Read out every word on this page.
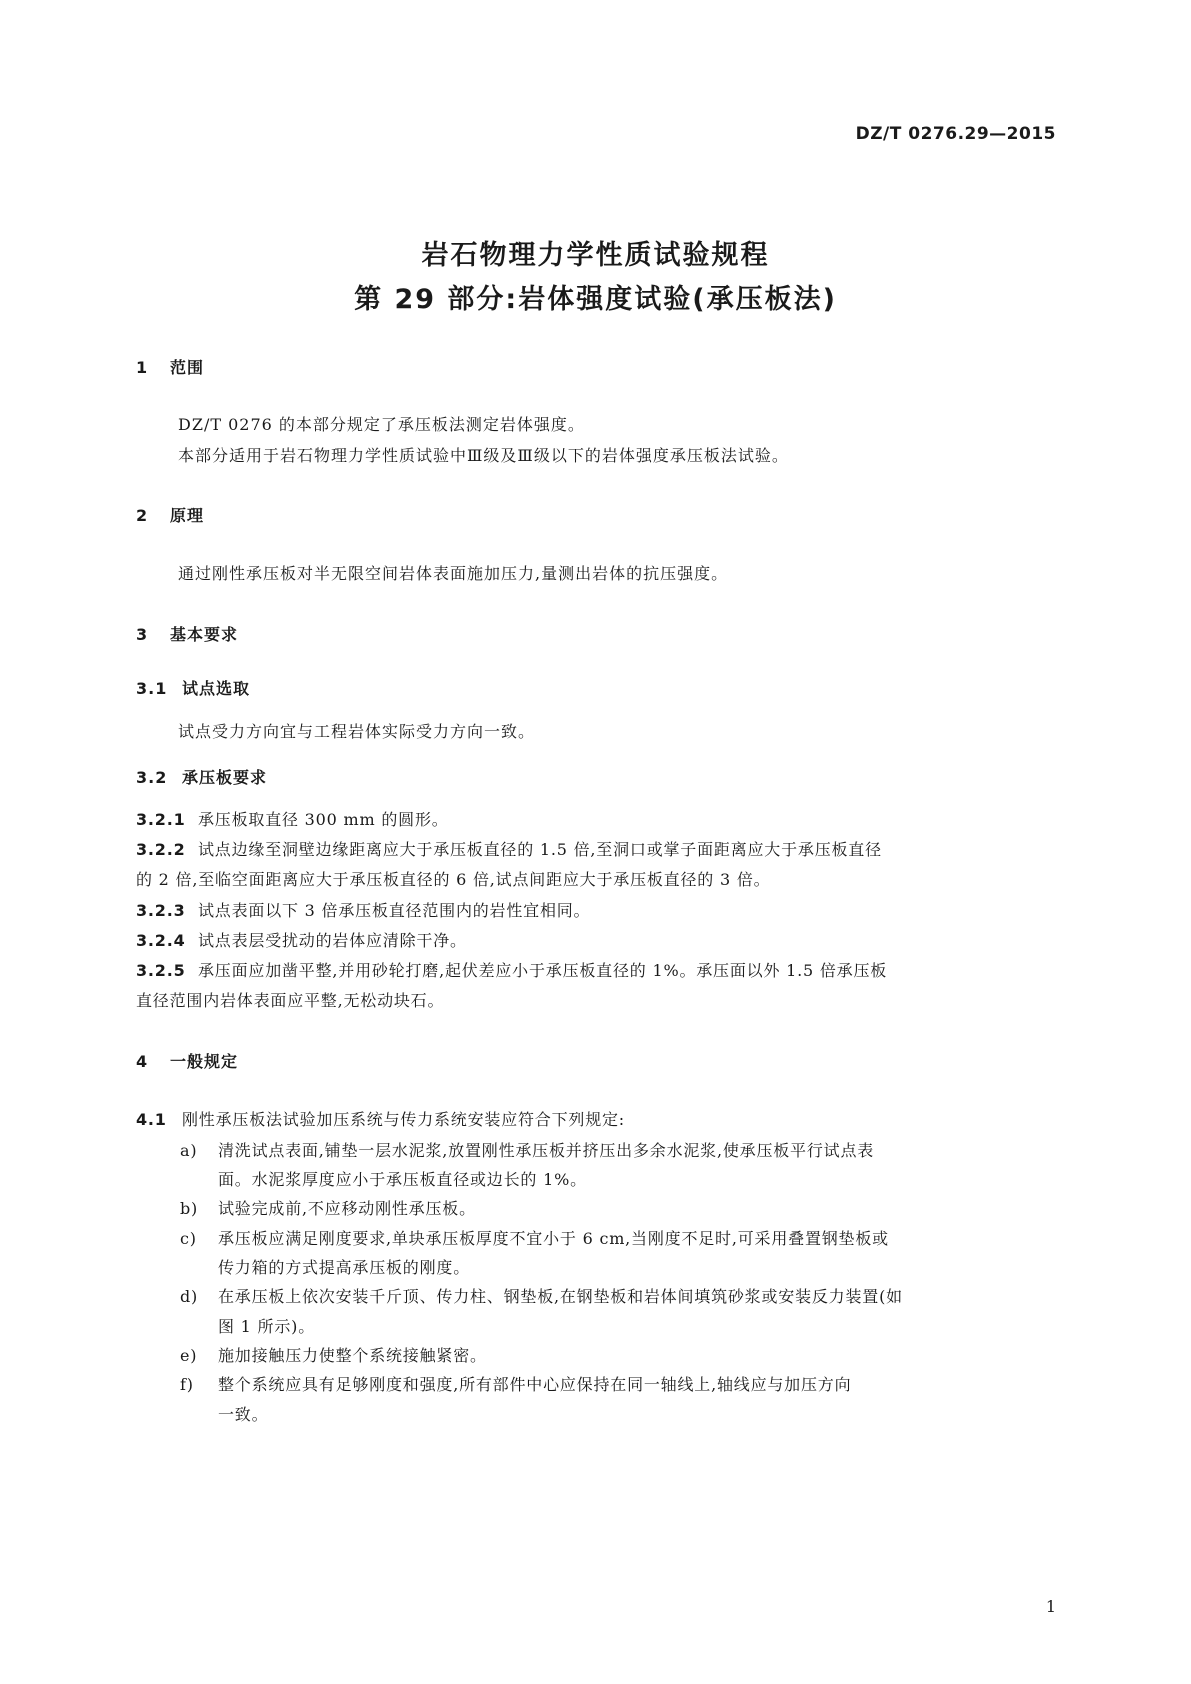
DZ/T 0276.29—2015
岩石物理力学性质试验规程
第 29 部分:岩体强度试验(承压板法)
1 范围
DZ/T 0276 的本部分规定了承压板法测定岩体强度。
本部分适用于岩石物理力学性质试验中Ⅲ级及Ⅲ级以下的岩体强度承压板法试验。
2 原理
通过刚性承压板对半无限空间岩体表面施加压力,量测出岩体的抗压强度。
3 基本要求
3.1 试点选取
试点受力方向宜与工程岩体实际受力方向一致。
3.2 承压板要求
3.2.1 承压板取直径 300 mm 的圆形。
3.2.2 试点边缘至洞壁边缘距离应大于承压板直径的 1.5 倍,至洞口或掌子面距离应大于承压板直径
的 2 倍,至临空面距离应大于承压板直径的 6 倍,试点间距应大于承压板直径的 3 倍。
3.2.3 试点表面以下 3 倍承压板直径范围内的岩性宜相同。
3.2.4 试点表层受扰动的岩体应清除干净。
3.2.5 承压面应加凿平整,并用砂轮打磨,起伏差应小于承压板直径的 1%。承压面以外 1.5 倍承压板
直径范围内岩体表面应平整,无松动块石。
4 一般规定
4.1 刚性承压板法试验加压系统与传力系统安装应符合下列规定:
a) 清洗试点表面,铺垫一层水泥浆,放置刚性承压板并挤压出多余水泥浆,使承压板平行试点表
面。水泥浆厚度应小于承压板直径或边长的 1%。
b) 试验完成前,不应移动刚性承压板。
c) 承压板应满足刚度要求,单块承压板厚度不宜小于 6 cm,当刚度不足时,可采用叠置钢垫板或
传力箱的方式提高承压板的刚度。
d) 在承压板上依次安装千斤顶、传力柱、钢垫板,在钢垫板和岩体间填筑砂浆或安装反力装置(如
图 1 所示)。
e) 施加接触压力使整个系统接触紧密。
f) 整个系统应具有足够刚度和强度,所有部件中心应保持在同一轴线上,轴线应与加压方向
一致。
1
